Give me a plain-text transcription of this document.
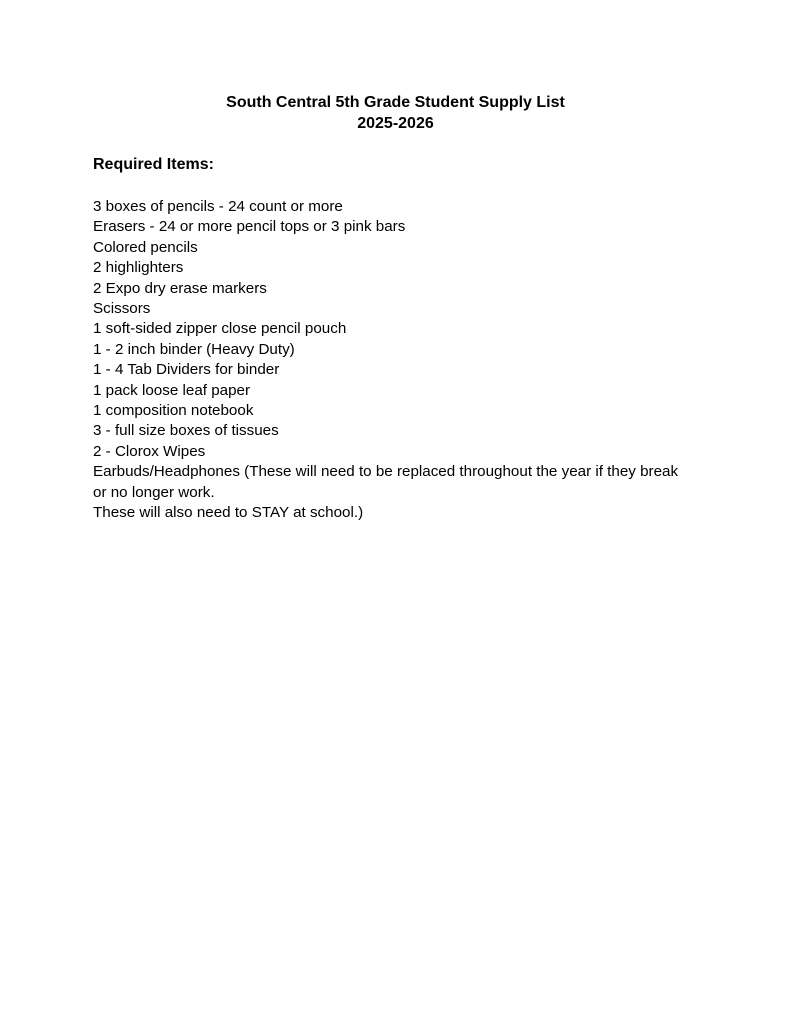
South Central 5th Grade Student Supply List
2025-2026
Required Items:
3 boxes of pencils - 24 count or more
Erasers - 24 or more pencil tops or 3 pink bars
Colored pencils
2 highlighters
2 Expo dry erase markers
Scissors
1 soft-sided zipper close pencil pouch
1 - 2 inch binder (Heavy Duty)
1 - 4 Tab Dividers for binder
1 pack loose leaf paper
1 composition notebook
3 - full size boxes of tissues
2 - Clorox Wipes
Earbuds/Headphones (These will need to be replaced throughout the year if they break
or no longer work.
These will also need to STAY at school.)
